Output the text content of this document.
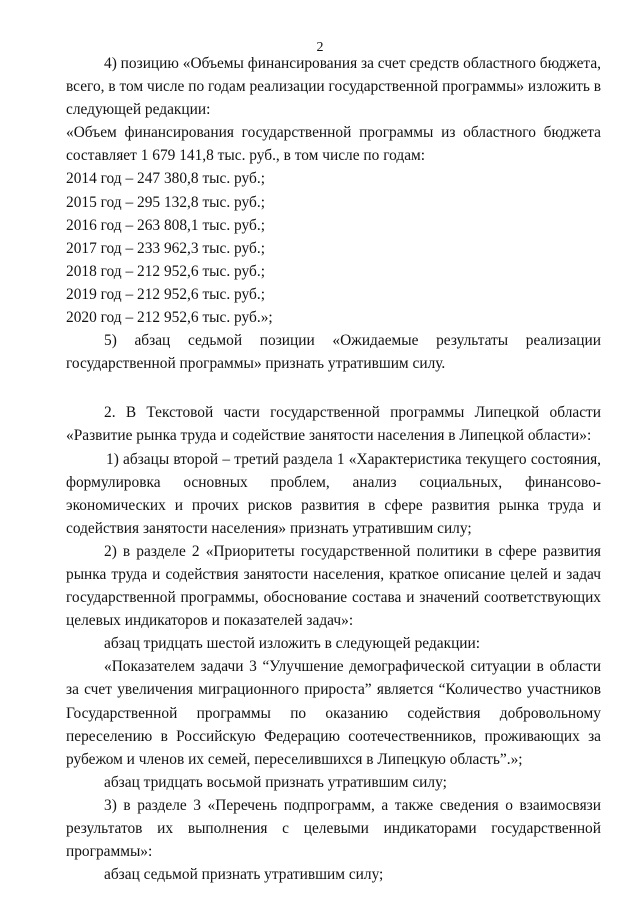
2

4) позицию «Объемы финансирования за счет средств областного бюджета, всего, в том числе по годам реализации государственной программы» изложить в следующей редакции:

«Объем финансирования государственной программы из областного бюджета составляет 1 679 141,8 тыс. руб., в том числе по годам:

2014 год – 247 380,8 тыс. руб.;

2015 год – 295 132,8 тыс. руб.;

2016 год – 263 808,1 тыс. руб.;

2017 год – 233 962,3 тыс. руб.;

2018 год – 212 952,6 тыс. руб.;

2019 год – 212 952,6 тыс. руб.;

2020 год – 212 952,6 тыс. руб.»;

5) абзац седьмой позиции «Ожидаемые результаты реализации государственной программы» признать утратившим силу.

2. В Текстовой части государственной программы Липецкой области «Развитие рынка труда и содействие занятости населения в Липецкой области»:

1) абзацы второй – третий раздела 1 «Характеристика текущего состояния, формулировка основных проблем, анализ социальных, финансово-экономических и прочих рисков развития в сфере развития рынка труда и содействия занятости населения» признать утратившим силу;

2) в разделе 2 «Приоритеты государственной политики в сфере развития рынка труда и содействия занятости населения, краткое описание целей и задач государственной программы, обоснование состава и значений соответствующих целевых индикаторов и показателей задач»:

абзац тридцать шестой изложить в следующей редакции:

«Показателем задачи 3 “Улучшение демографической ситуации в области за счет увеличения миграционного прироста” является “Количество участников Государственной программы по оказанию содействия добровольному переселению в Российскую Федерацию соотечественников, проживающих за рубежом и членов их семей, переселившихся в Липецкую область”.»;

абзац тридцать восьмой признать утратившим силу;

3) в разделе 3 «Перечень подпрограмм, а также сведения о взаимосвязи результатов их выполнения с целевыми индикаторами государственной программы»:

абзац седьмой признать утратившим силу;
